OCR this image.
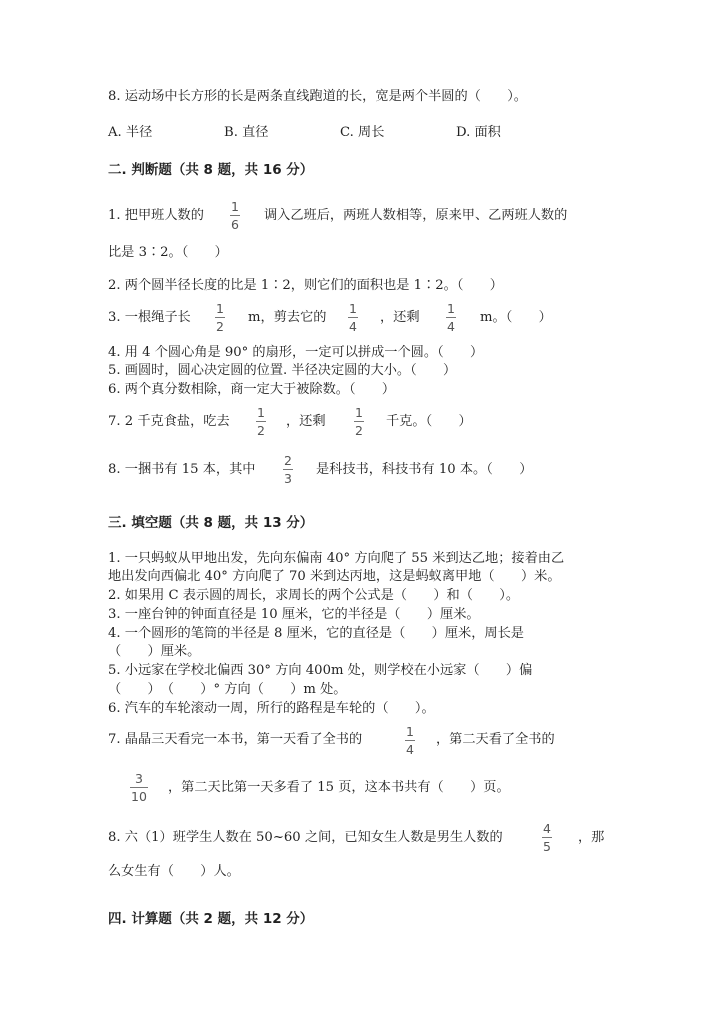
8. 运动场中长方形的长是两条直线跑道的长，宽是两个半圆的（　　）。
A. 半径	B. 直径	C. 周长	D. 面积
二. 判断题（共 8 题，共 16 分）
1. 把甲班人数的
1
6
调入乙班后，两班人数相等，原来甲、乙两班人数的
比是 3∶2。（　　）
2. 两个圆半径长度的比是 1∶2，则它们的面积也是 1∶2。（　　）
3. 一根绳子长
1
2
m，剪去它的
1
4
，还剩
1
4
m。（　　）
4. 用 4 个圆心角是 90° 的扇形，一定可以拼成一个圆。（　　）
5. 画圆时，圆心决定圆的位置. 半径决定圆的大小。（　　）
6. 两个真分数相除，商一定大于被除数。（　　）
7. 2 千克食盐，吃去
1
2
，还剩
1
2
千克。（　　）
8. 一捆书有 15 本，其中
2
3
是科技书，科技书有 10 本。（　　）
三. 填空题（共 8 题，共 13 分）
1. 一只蚂蚁从甲地出发，先向东偏南 40° 方向爬了 55 米到达乙地；接着由乙
地出发向西偏北 40° 方向爬了 70 米到达丙地，这是蚂蚁离甲地（　　）米。
2. 如果用 C 表示圆的周长，求周长的两个公式是（　　）和（　　）。
3. 一座台钟的钟面直径是 10 厘米，它的半径是（　　）厘米。
4. 一个圆形的笔筒的半径是 8 厘米，它的直径是（　　）厘米，周长是
（　　）厘米。
5. 小远家在学校北偏西 30° 方向 400m 处，则学校在小远家（　　）偏
（　　）　（　　）° 方向（　　）m 处。
6. 汽车的车轮滚动一周，所行的路程是车轮的（　　）。
7. 晶晶三天看完一本书，第一天看了全书的
1
4
，第二天看了全书的
3
10
，第二天比第一天多看了 15 页，这本书共有（　　）页。
8. 六（1）班学生人数在 50~60 之间，已知女生人数是男生人数的
4
5
，那
么女生有（　　）人。
四. 计算题（共 2 题，共 12 分）
